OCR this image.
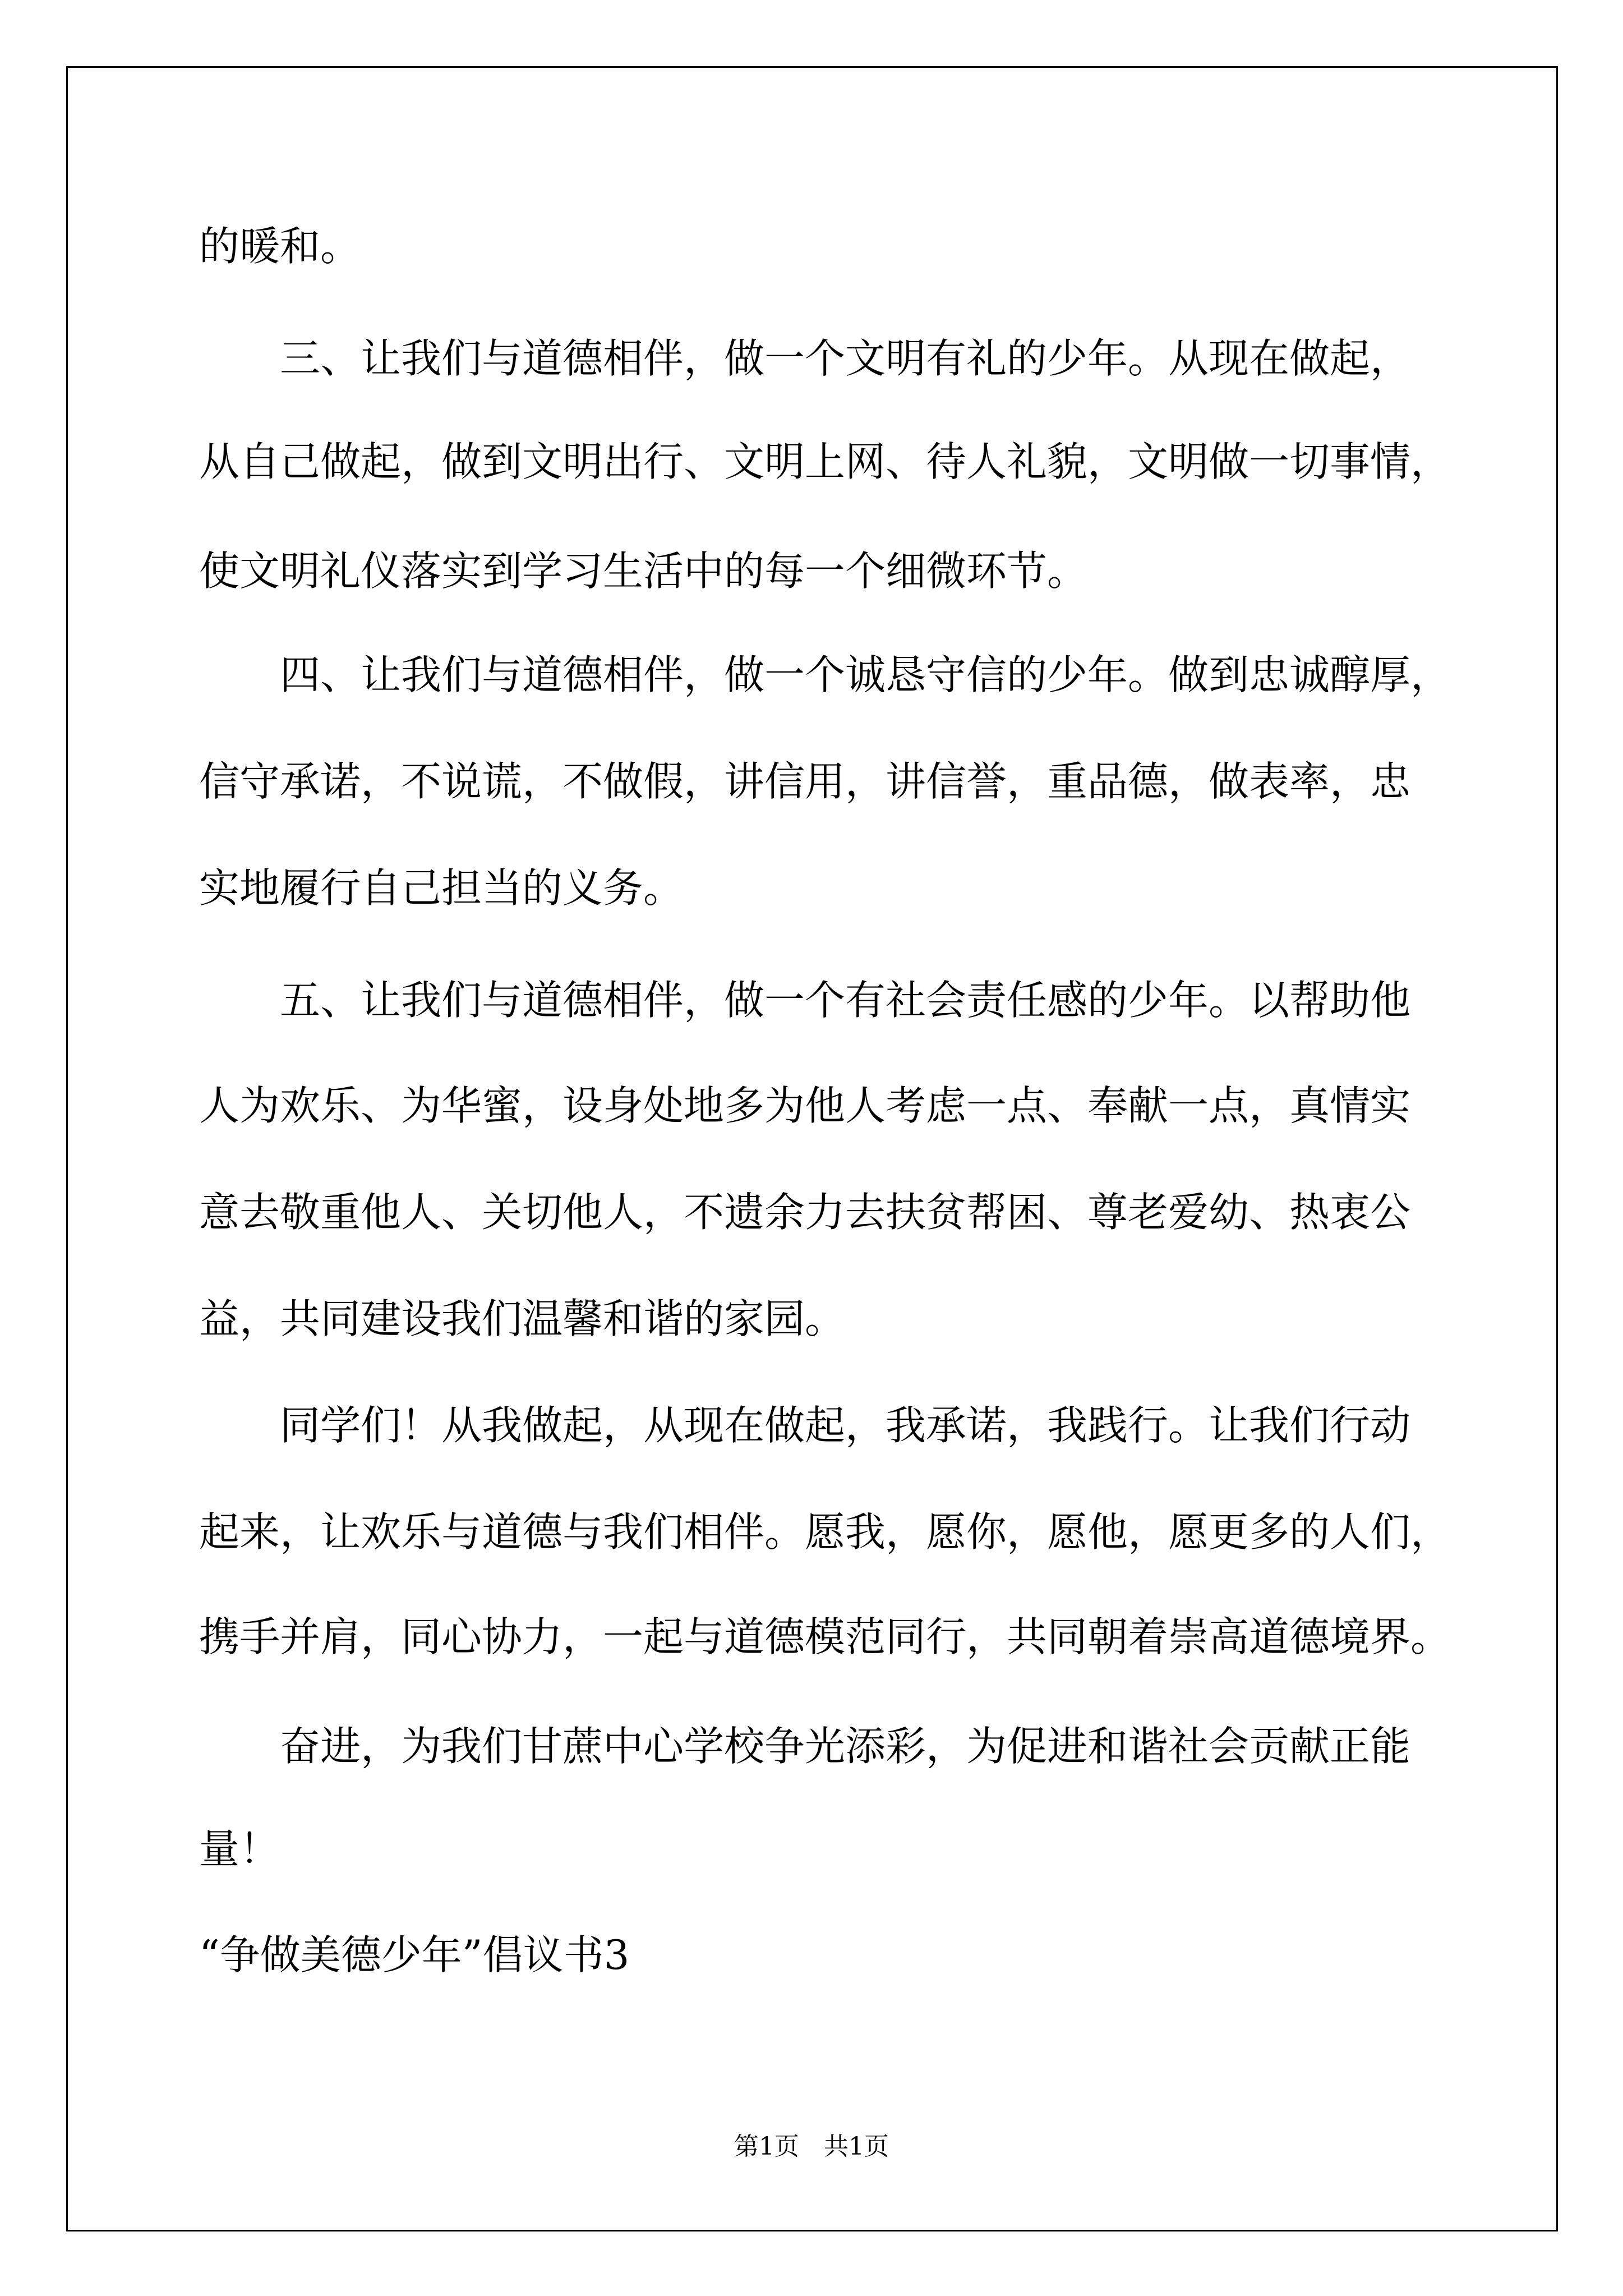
的暖和。

三、让我们与道德相伴，做一个文明有礼的少年。从现在做起，

从自己做起，做到文明出行、文明上网、待人礼貌，文明做一切事情，

使文明礼仪落实到学习生活中的每一个细微环节。

四、让我们与道德相伴，做一个诚恳守信的少年。做到忠诚醇厚，

信守承诺，不说谎，不做假，讲信用，讲信誉，重品德，做表率，忠

实地履行自己担当的义务。

五、让我们与道德相伴，做一个有社会责任感的少年。以帮助他

人为欢乐、为华蜜，设身处地多为他人考虑一点、奉献一点，真情实

意去敬重他人、关切他人，不遗余力去扶贫帮困、尊老爱幼、热衷公

益，共同建设我们温馨和谐的家园。

同学们！从我做起，从现在做起，我承诺，我践行。让我们行动

起来，让欢乐与道德与我们相伴。愿我，愿你，愿他，愿更多的人们，

携手并肩，同心协力，一起与道德模范同行，共同朝着崇高道德境界。

奋进，为我们甘蔗中心学校争光添彩，为促进和谐社会贡献正能

量！

“争做美德少年”倡议书3

第1页　共1页
